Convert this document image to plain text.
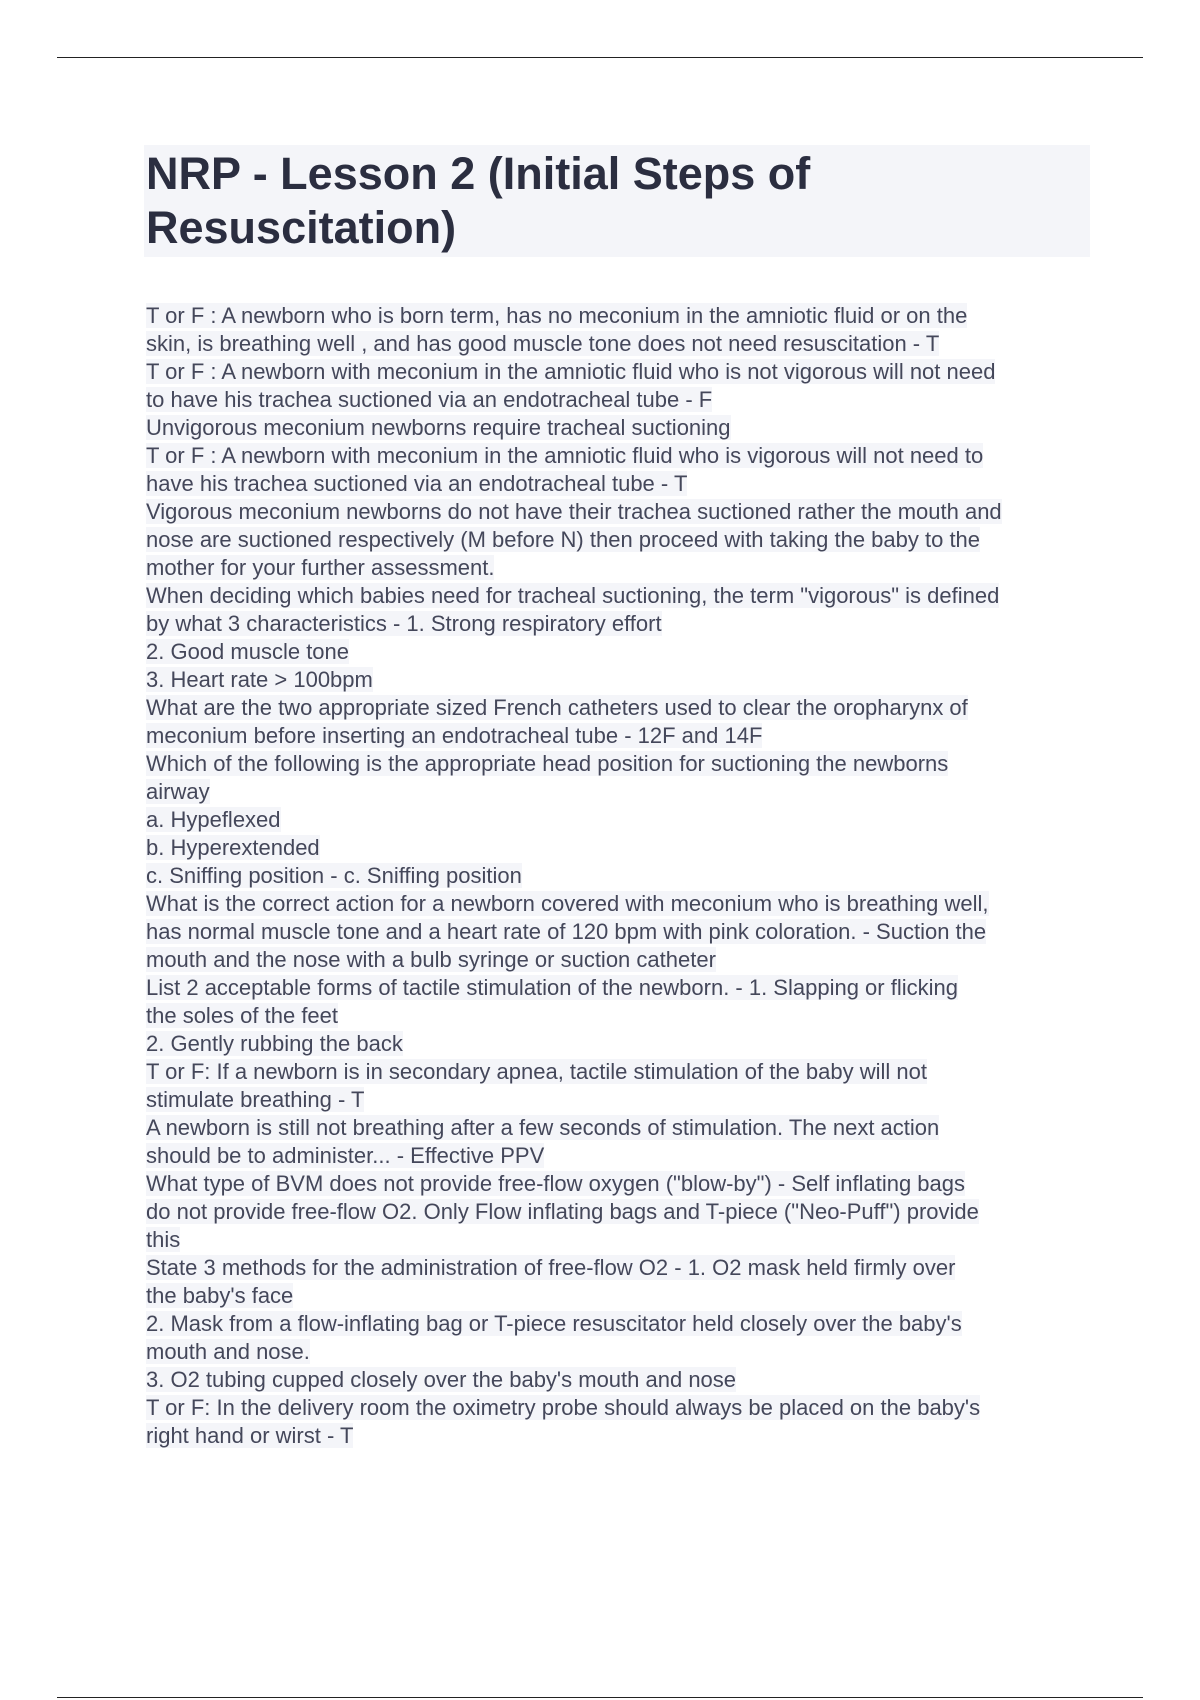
NRP - Lesson 2 (Initial Steps of
Resuscitation)
T or F : A newborn who is born term, has no meconium in the amniotic fluid or on the
skin, is breathing well , and has good muscle tone does not need resuscitation - T
T or F : A newborn with meconium in the amniotic fluid who is not vigorous will not need
to have his trachea suctioned via an endotracheal tube - F
Unvigorous meconium newborns require tracheal suctioning
T or F : A newborn with meconium in the amniotic fluid who is vigorous will not need to
have his trachea suctioned via an endotracheal tube - T
Vigorous meconium newborns do not have their trachea suctioned rather the mouth and
nose are suctioned respectively (M before N) then proceed with taking the baby to the
mother for your further assessment.
When deciding which babies need for tracheal suctioning, the term "vigorous" is defined
by what 3 characteristics - 1. Strong respiratory effort
2. Good muscle tone
3. Heart rate > 100bpm
What are the two appropriate sized French catheters used to clear the oropharynx of
meconium before inserting an endotracheal tube - 12F and 14F
Which of the following is the appropriate head position for suctioning the newborns
airway
a. Hypeflexed
b. Hyperextended
c. Sniffing position - c. Sniffing position
What is the correct action for a newborn covered with meconium who is breathing well,
has normal muscle tone and a heart rate of 120 bpm with pink coloration. - Suction the
mouth and the nose with a bulb syringe or suction catheter
List 2 acceptable forms of tactile stimulation of the newborn. - 1. Slapping or flicking
the soles of the feet
2. Gently rubbing the back
T or F: If a newborn is in secondary apnea, tactile stimulation of the baby will not
stimulate breathing - T
A newborn is still not breathing after a few seconds of stimulation. The next action
should be to administer... - Effective PPV
What type of BVM does not provide free-flow oxygen ("blow-by") - Self inflating bags
do not provide free-flow O2. Only Flow inflating bags and T-piece ("Neo-Puff") provide
this
State 3 methods for the administration of free-flow O2 - 1. O2 mask held firmly over
the baby's face
2. Mask from a flow-inflating bag or T-piece resuscitator held closely over the baby's
mouth and nose.
3. O2 tubing cupped closely over the baby's mouth and nose
T or F: In the delivery room the oximetry probe should always be placed on the baby's
right hand or wirst - T
